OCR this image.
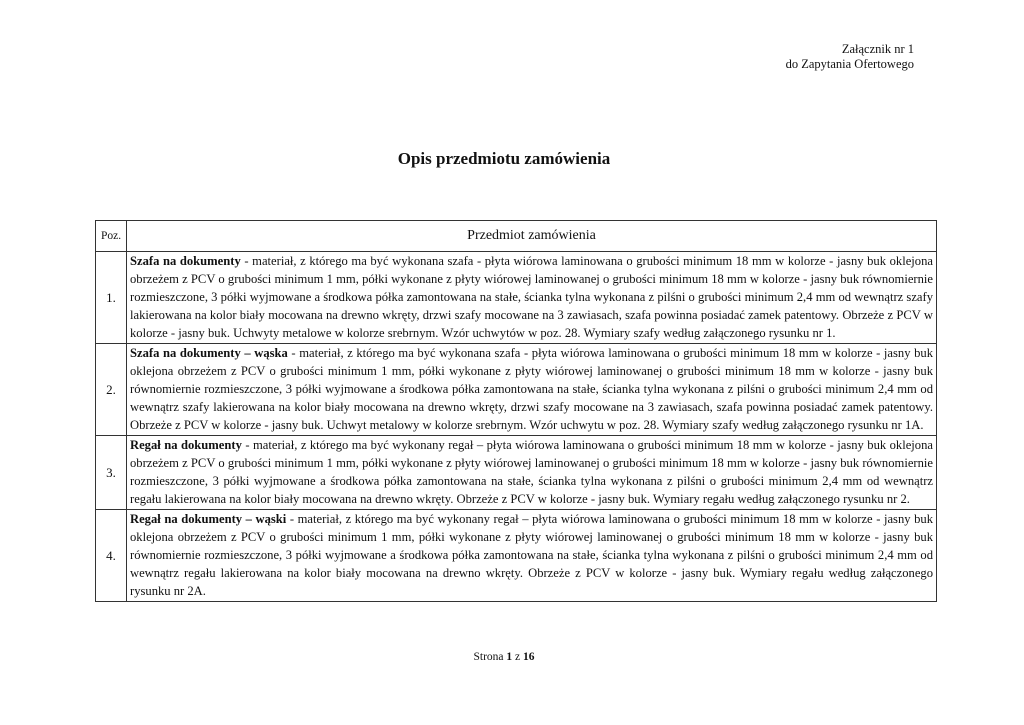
Załącznik nr 1
do Zapytania Ofertowego
Opis przedmiotu zamówienia
Poz.	Przedmiot zamówienia
1.	Szafa na dokumenty - materiał, z którego ma być wykonana szafa - płyta wiórowa laminowana o grubości minimum 18 mm w kolorze - jasny buk oklejona obrzeżem z PCV o grubości minimum 1 mm, półki wykonane z płyty wiórowej laminowanej o grubości minimum 18 mm w kolorze - jasny buk równomiernie rozmieszczone, 3 półki wyjmowane a środkowa półka zamontowana na stałe, ścianka tylna wykonana z pilśni o grubości minimum 2,4 mm od wewnątrz szafy lakierowana na kolor biały mocowana na drewno wkręty, drzwi szafy mocowane na 3 zawiasach, szafa powinna posiadać zamek patentowy. Obrzeże z PCV w kolorze - jasny buk. Uchwyty metalowe w kolorze srebrnym. Wzór uchwytów w poz. 28. Wymiary szafy według załączonego rysunku nr 1.
2.	Szafa na dokumenty – wąska - materiał, z którego ma być wykonana szafa - płyta wiórowa laminowana o grubości minimum 18 mm w kolorze - jasny buk oklejona obrzeżem z PCV o grubości minimum 1 mm, półki wykonane z płyty wiórowej laminowanej o grubości minimum 18 mm w kolorze - jasny buk równomiernie rozmieszczone, 3 półki wyjmowane a środkowa półka zamontowana na stałe, ścianka tylna wykonana z pilśni o grubości minimum 2,4 mm od wewnątrz szafy lakierowana na kolor biały mocowana na drewno wkręty, drzwi szafy mocowane na 3 zawiasach, szafa powinna posiadać zamek patentowy. Obrzeże z PCV w kolorze - jasny buk. Uchwyt metalowy w kolorze srebrnym. Wzór uchwytu w poz. 28. Wymiary szafy według załączonego rysunku nr 1A.
3.	Regał na dokumenty - materiał, z którego ma być wykonany regał – płyta wiórowa laminowana o grubości minimum 18 mm w kolorze - jasny buk oklejona obrzeżem z PCV o grubości minimum 1 mm, półki wykonane z płyty wiórowej laminowanej o grubości minimum 18 mm w kolorze - jasny buk równomiernie rozmieszczone, 3 półki wyjmowane a środkowa półka zamontowana na stałe, ścianka tylna wykonana z pilśni o grubości minimum 2,4 mm od wewnątrz regału lakierowana na kolor biały mocowana na drewno wkręty. Obrzeże z PCV w kolorze - jasny buk. Wymiary regału według załączonego rysunku nr 2.
4.	Regał na dokumenty – wąski - materiał, z którego ma być wykonany regał – płyta wiórowa laminowana o grubości minimum 18 mm w kolorze - jasny buk oklejona obrzeżem z PCV o grubości minimum 1 mm, półki wykonane z płyty wiórowej laminowanej o grubości minimum 18 mm w kolorze - jasny buk równomiernie rozmieszczone, 3 półki wyjmowane a środkowa półka zamontowana na stałe, ścianka tylna wykonana z pilśni o grubości minimum 2,4 mm od wewnątrz regału lakierowana na kolor biały mocowana na drewno wkręty. Obrzeże z PCV w kolorze - jasny buk. Wymiary regału według załączonego rysunku nr 2A.
Strona 1 z 16
